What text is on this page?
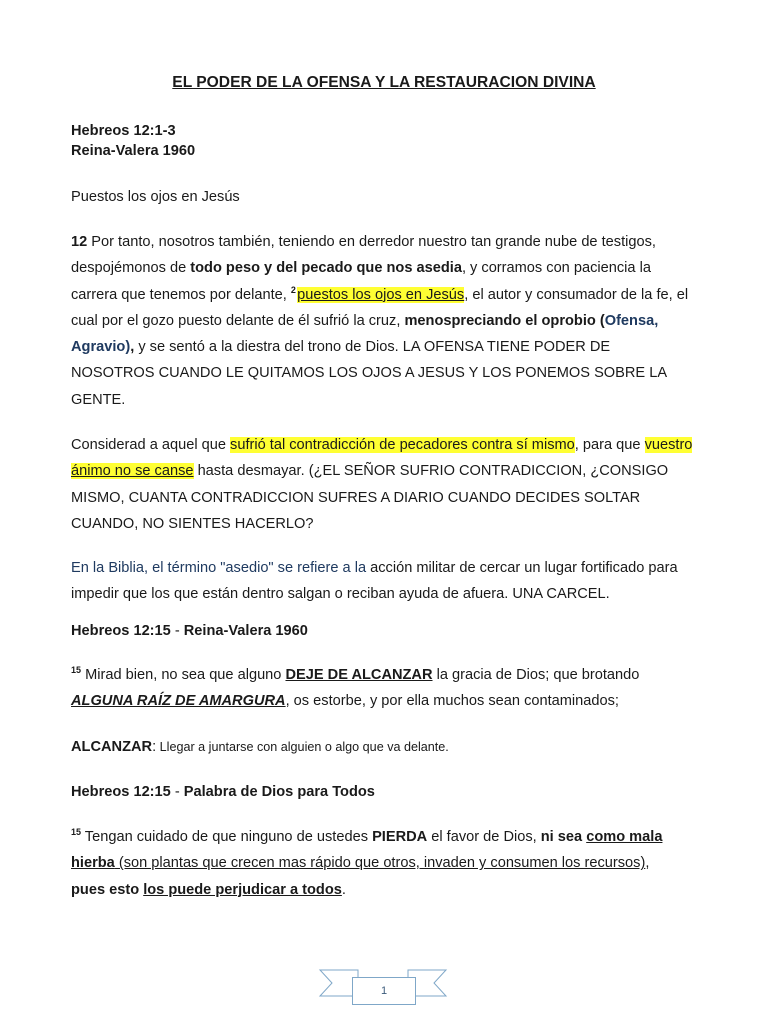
EL PODER DE LA OFENSA Y LA RESTAURACION DIVINA
Hebreos 12:1-3
Reina-Valera 1960
Puestos los ojos en Jesús
12 Por tanto, nosotros también, teniendo en derredor nuestro tan grande nube de testigos, despojémonos de todo peso y del pecado que nos asedia, y corramos con paciencia la carrera que tenemos por delante, $^2$ puestos los ojos en Jesús, el autor y consumador de la fe, el cual por el gozo puesto delante de él sufrió la cruz, menospreciando el oprobio (Ofensa, Agravio), y se sentó a la diestra del trono de Dios. LA OFENSA TIENE PODER DE NOSOTROS CUANDO LE QUITAMOS LOS OJOS A JESUS Y LOS PONEMOS SOBRE LA GENTE.
Considerad a aquel que sufrió tal contradicción de pecadores contra sí mismo, para que vuestro ánimo no se canse hasta desmayar. (¿EL SEÑOR SUFRIO CONTRADICCION, ¿CONSIGO MISMO, CUANTA CONTRADICCION SUFRES A DIARIO CUANDO DECIDES SOLTAR CUANDO, NO SIENTES HACERLO?
En la Biblia, el término "asedio" se refiere a la acción militar de cercar un lugar fortificado para impedir que los que están dentro salgan o reciban ayuda de afuera. UNA CARCEL.
Hebreos 12:15 - Reina-Valera 1960
$^{15}$ Mirad bien, no sea que alguno DEJE DE ALCANZAR la gracia de Dios; que brotando ALGUNA RAÍZ DE AMARGURA, os estorbe, y por ella muchos sean contaminados;
ALCANZAR: Llegar a juntarse con alguien o algo que va delante.
Hebreos 12:15 - Palabra de Dios para Todos
$^{15}$ Tengan cuidado de que ninguno de ustedes PIERDA el favor de Dios, ni sea como mala hierba (son plantas que crecen mas rápido que otros, invaden y consumen los recursos),
pues esto los puede perjudicar a todos.
1
